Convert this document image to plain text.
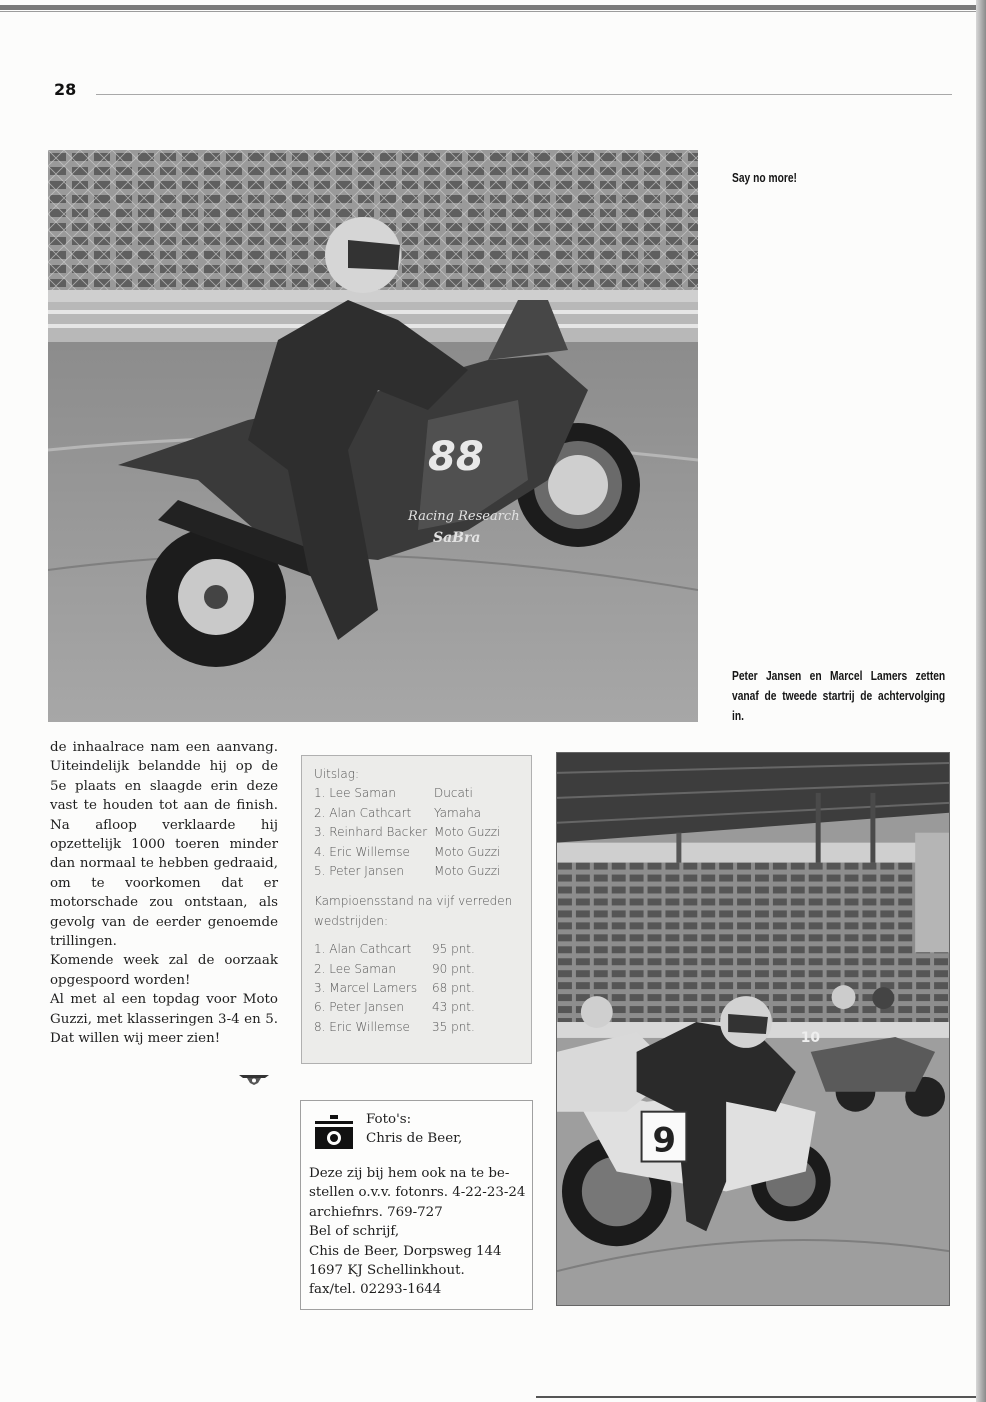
28
88
Racing Research
SaBra
Say no more!
Peter Jansen en Marcel Lamers zetten vanaf de tweede startrij de achtervolging in.

de inhaalrace nam een aanvang. Uiteindelijk belandde hij op de 5e plaats en slaagde erin deze vast te houden tot aan de finish. Na afloop verklaarde hij opzettelijk 1000 toeren minder dan normaal te hebben gedraaid, om te voorkomen dat er motorschade zou ontstaan, als gevolg van de eerder genoemde trillingen.

Komende week zal de oorzaak opgespoord worden!

Al met al een topdag voor Moto Guzzi, met klasseringen 3-4 en 5. Dat willen wij meer zien!

Uitslag:
1. Lee Saman	Ducati
2. Alan Cathcart	Yamaha
3. Reinhard Backer Moto Guzzi
4. Eric Willemse	Moto Guzzi
5. Peter Jansen	Moto Guzzi
Kampioensstand na vijf verreden
wedstrijden:
1. Alan Cathcart	95 pnt.
2. Lee Saman	90 pnt.
3. Marcel Lamers	68 pnt.
6. Peter Jansen	43 pnt.
8. Eric Willemse	35 pnt.
Foto's:
Chris de Beer,
Deze zij bij hem ook na te be-
stellen o.v.v. fotonrs. 4-22-23-24
archiefnrs. 769-727
Bel of schrijf,
Chis de Beer, Dorpsweg 144
1697 KJ Schellinkhout.
fax/tel. 02293-1644
10
9
